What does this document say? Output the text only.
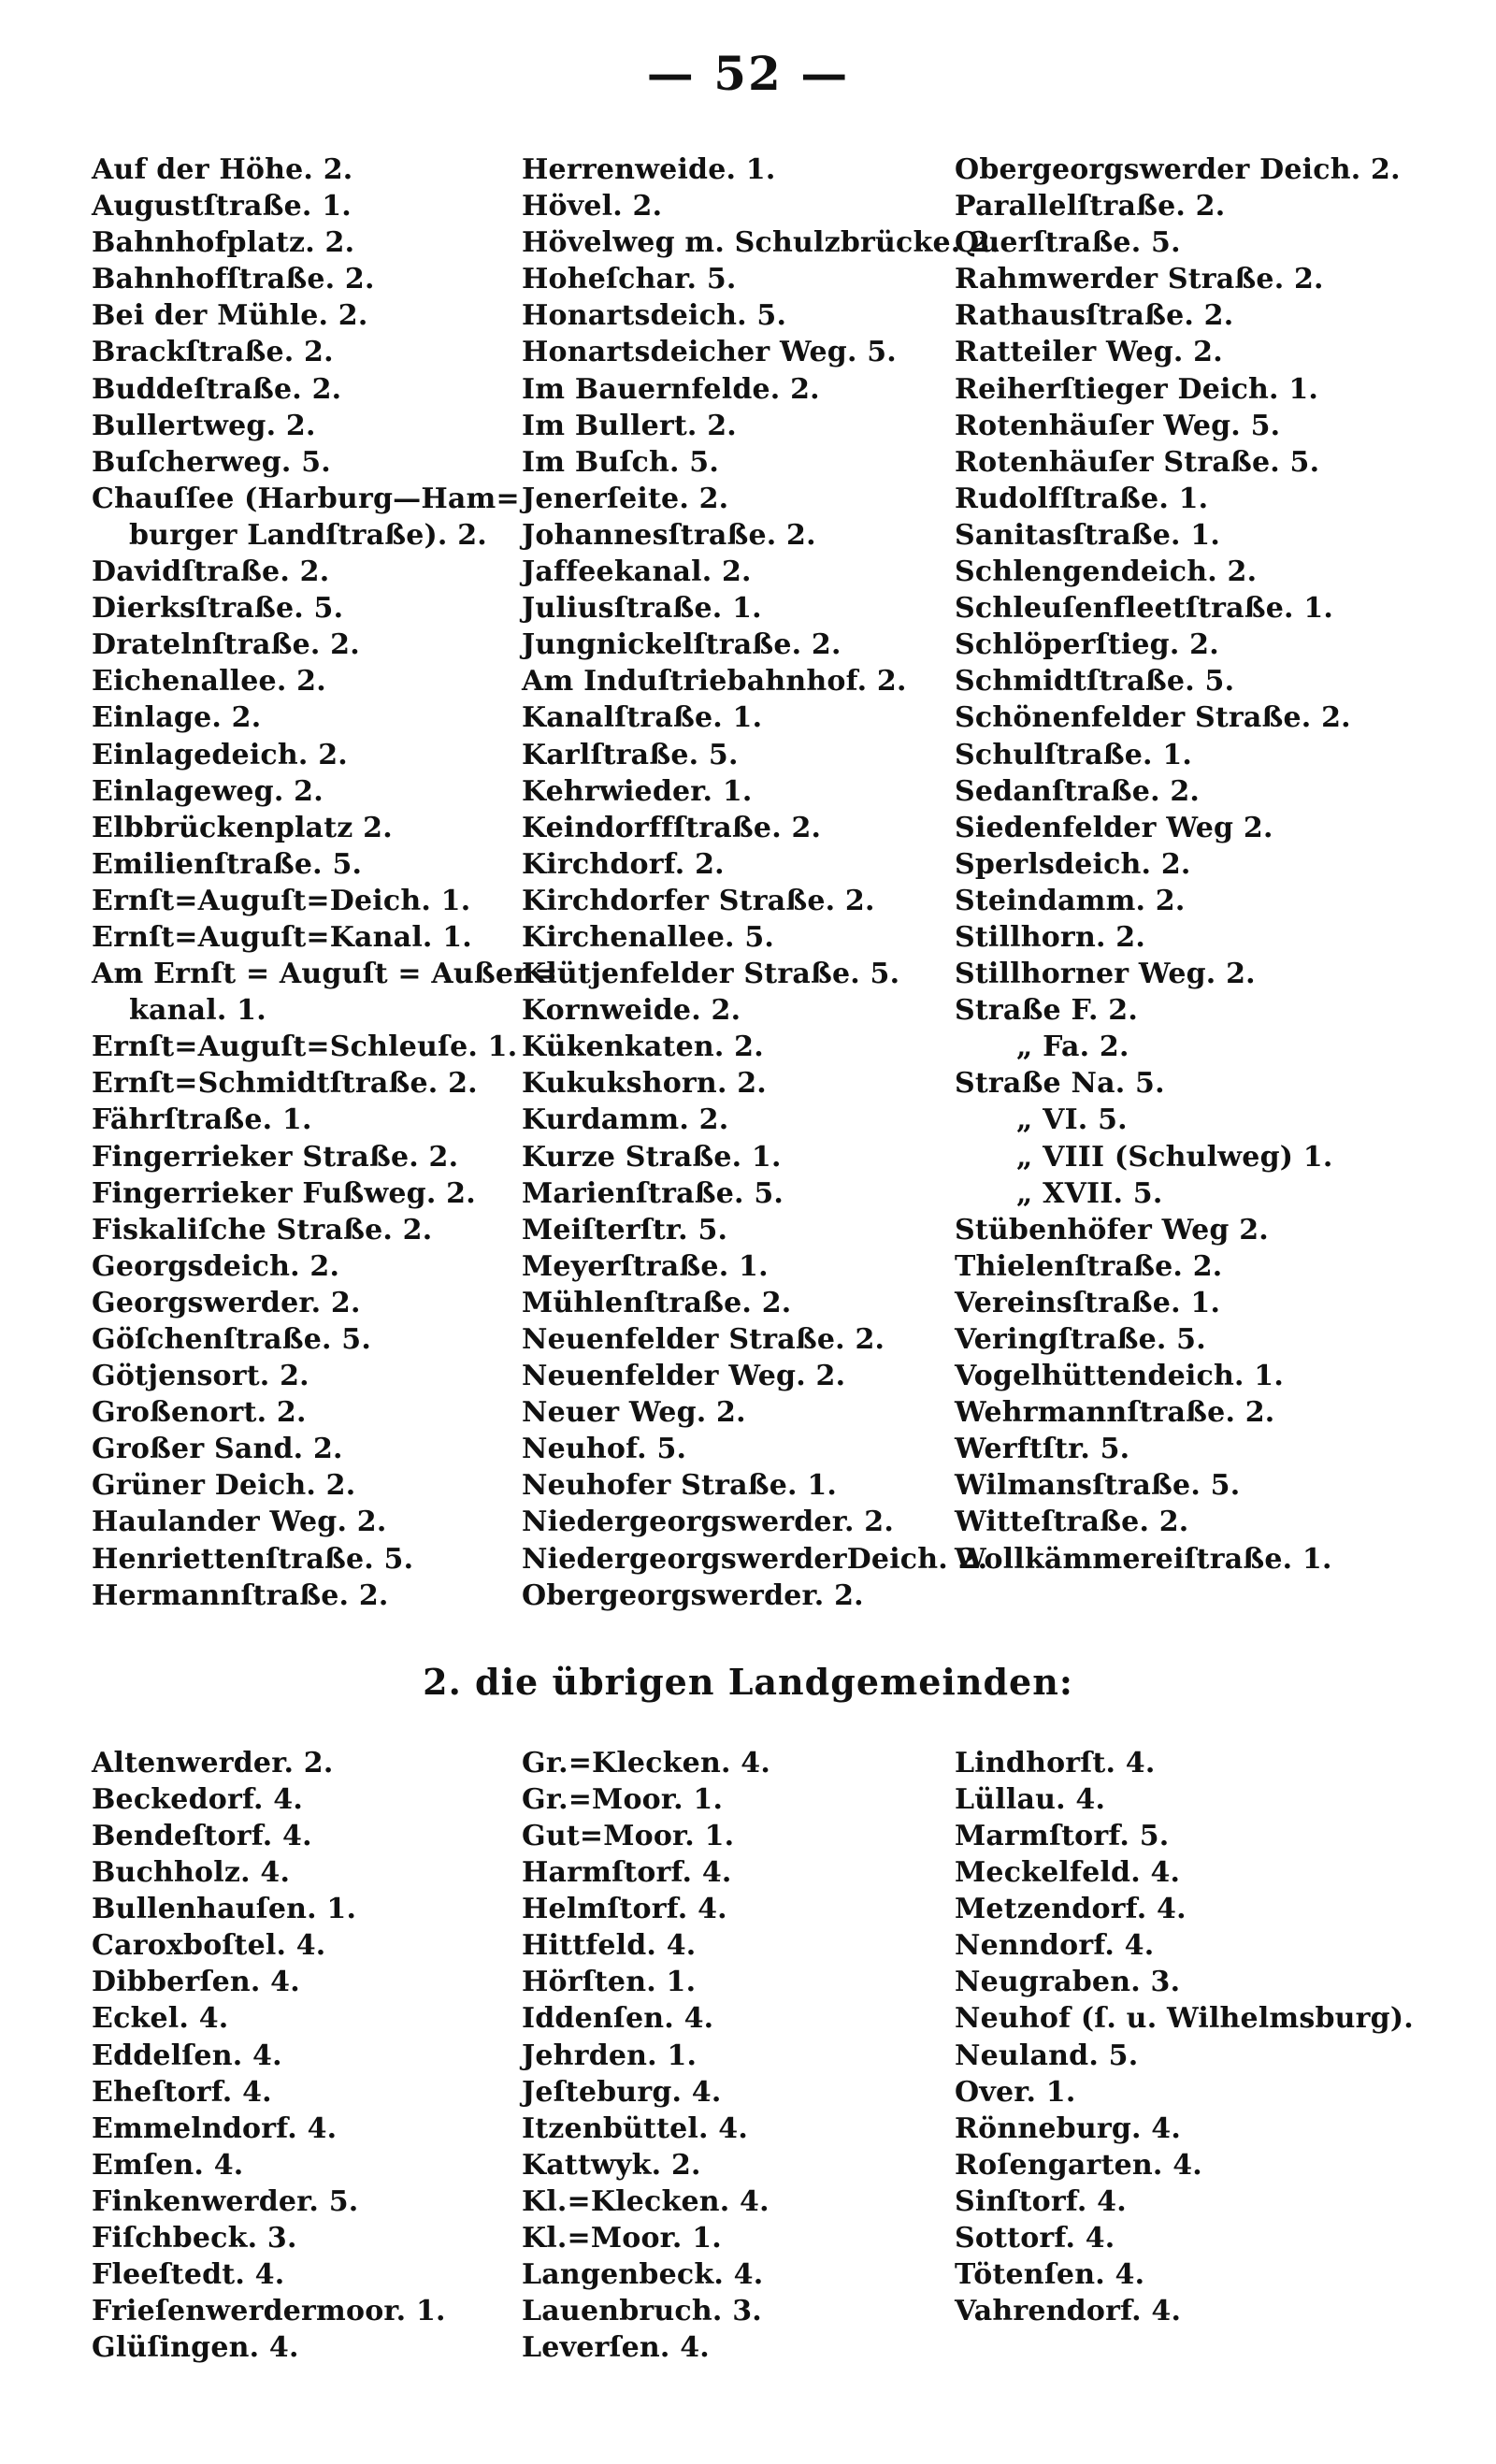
— 52 —
Auf der Höhe. 2.
Augustſtraße. 1.
Bahnhofplatz. 2.
Bahnhofſtraße. 2.
Bei der Mühle. 2.
Brackſtraße. 2.
Buddeſtraße. 2.
Bullertweg. 2.
Buſcherweg. 5.
Chauſſee (Harburg—Ham=
burger Landſtraße). 2.
Davidſtraße. 2.
Dierksſtraße. 5.
Dratelnſtraße. 2.
Eichenallee. 2.
Einlage. 2.
Einlagedeich. 2.
Einlageweg. 2.
Elbbrückenplatz 2.
Emilienſtraße. 5.
Ernſt=Auguſt=Deich. 1.
Ernſt=Auguſt=Kanal. 1.
Am Ernſt = Auguſt = Außen=
kanal. 1.
Ernſt=Auguſt=Schleuſe. 1.
Ernſt=Schmidtſtraße. 2.
Fährſtraße. 1.
Fingerrieker Straße. 2.
Fingerrieker Fußweg. 2.
Fiskaliſche Straße. 2.
Georgsdeich. 2.
Georgswerder. 2.
Göſchenſtraße. 5.
Götjensort. 2.
Großenort. 2.
Großer Sand. 2.
Grüner Deich. 2.
Haulander Weg. 2.
Henriettenſtraße. 5.
Hermannſtraße. 2.
Herrenweide. 1.
Hövel. 2.
Hövelweg m. Schulzbrücke. 2.
Hoheſchar. 5.
Honartsdeich. 5.
Honartsdeicher Weg. 5.
Im Bauernfelde. 2.
Im Bullert. 2.
Im Buſch. 5.
Jenerſeite. 2.
Johannesſtraße. 2.
Jaffeekanal. 2.
Juliusſtraße. 1.
Jungnickelſtraße. 2.
Am Induſtriebahnhof. 2.
Kanalſtraße. 1.
Karlſtraße. 5.
Kehrwieder. 1.
Keindorffſtraße. 2.
Kirchdorf. 2.
Kirchdorfer Straße. 2.
Kirchenallee. 5.
Klütjenfelder Straße. 5.
Kornweide. 2.
Kükenkaten. 2.
Kukukshorn. 2.
Kurdamm. 2.
Kurze Straße. 1.
Marienſtraße. 5.
Meiſterſtr. 5.
Meyerſtraße. 1.
Mühlenſtraße. 2.
Neuenfelder Straße. 2.
Neuenfelder Weg. 2.
Neuer Weg. 2.
Neuhof. 5.
Neuhofer Straße. 1.
Niedergeorgswerder. 2.
NiedergeorgswerderDeich. 2.
Obergeorgswerder. 2.
Obergeorgswerder Deich. 2.
Parallelſtraße. 2.
Querſtraße. 5.
Rahmwerder Straße. 2.
Rathausſtraße. 2.
Ratteiler Weg. 2.
Reiherſtieger Deich. 1.
Rotenhäuſer Weg. 5.
Rotenhäuſer Straße. 5.
Rudolfſtraße. 1.
Sanitasſtraße. 1.
Schlengendeich. 2.
Schleuſenfleetſtraße. 1.
Schlöperſtieg. 2.
Schmidtſtraße. 5.
Schönenfelder Straße. 2.
Schulſtraße. 1.
Sedanſtraße. 2.
Siedenfelder Weg 2.
Sperlsdeich. 2.
Steindamm. 2.
Stillhorn. 2.
Stillhorner Weg. 2.
Straße F. 2.
„ Fa. 2.
Straße Na. 5.
„ VI. 5.
„ VIII (Schulweg) 1.
„ XVII. 5.
Stübenhöfer Weg 2.
Thielenſtraße. 2.
Vereinsſtraße. 1.
Veringſtraße. 5.
Vogelhüttendeich. 1.
Wehrmannſtraße. 2.
Werftſtr. 5.
Wilmansſtraße. 5.
Witteſtraße. 2.
Wollkämmereiſtraße. 1.
2. die übrigen Landgemeinden:
Altenwerder. 2.
Beckedorf. 4.
Bendeſtorf. 4.
Buchholz. 4.
Bullenhauſen. 1.
Caroxboſtel. 4.
Dibberſen. 4.
Eckel. 4.
Eddelſen. 4.
Eheſtorf. 4.
Emmelndorf. 4.
Emſen. 4.
Finkenwerder. 5.
Fiſchbeck. 3.
Fleeſtedt. 4.
Frieſenwerdermoor. 1.
Glüſingen. 4.
Gr.=Klecken. 4.
Gr.=Moor. 1.
Gut=Moor. 1.
Harmſtorf. 4.
Helmſtorf. 4.
Hittfeld. 4.
Hörſten. 1.
Iddenſen. 4.
Jehrden. 1.
Jeſteburg. 4.
Itzenbüttel. 4.
Kattwyk. 2.
Kl.=Klecken. 4.
Kl.=Moor. 1.
Langenbeck. 4.
Lauenbruch. 3.
Leverſen. 4.
Lindhorſt. 4.
Lüllau. 4.
Marmſtorf. 5.
Meckelfeld. 4.
Metzendorf. 4.
Nenndorf. 4.
Neugraben. 3.
Neuhof (ſ. u. Wilhelmsburg).
Neuland. 5.
Over. 1.
Rönneburg. 4.
Roſengarten. 4.
Sinſtorf. 4.
Sottorf. 4.
Tötenſen. 4.
Vahrendorf. 4.
